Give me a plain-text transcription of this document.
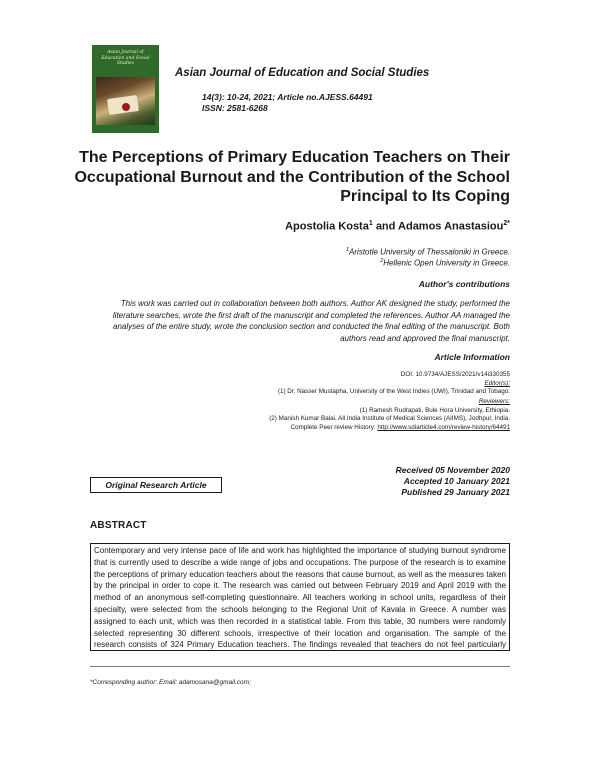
Asian Journal of Education and Social Studies
Asian Journal of Education and Social Studies
14(3): 10-24, 2021; Article no.AJESS.64491
ISSN: 2581-6268
The Perceptions of Primary Education Teachers on Their Occupational Burnout and the Contribution of the School Principal to Its Coping
Apostolia Kosta$^1$ and Adamos Anastasiou$^{2*}$
$^1$Aristotle University of Thessaloniki in Greece.
$^2$Hellenic Open University in Greece.
Author's contributions

This work was carried out in collaboration between both authors. Author AK designed the study, performed the literature searches, wrote the first draft of the manuscript and completed the references. Author AA managed the analyses of the entire study, wrote the conclusion section and conducted the final editing of the manuscript. Both authors read and approved the final manuscript.

Article Information
DOI: 10.9734/AJESS/2021/v14i330355
Editor(s):
(1) Dr. Nasser Mustapha, University of the West Indies (UWI), Trinidad and Tobago.
Reviewers:
(1) Ramesh Rudrapati, Bule Hora University, Ethiopia.
(2) Manish Kumar Balai, All India Institute of Medical Sciences (AIIMS), Jodhpur, India.
Complete Peer review History: http://www.sdiarticle4.com/review-history/64491
Received 05 November 2020
Accepted 10 January 2021
Published 29 January 2021
Original Research Article
ABSTRACT

Contemporary and very intense pace of life and work has highlighted the importance of studying burnout syndrome that is currently used to describe a wide range of jobs and occupations. The purpose of the research is to examine the perceptions of primary education teachers about the reasons that cause burnout, as well as the measures taken by the principal in order to cope it. The research was carried out between February 2019 and April 2019 with the method of an anonymous self-completing questionnaire. All teachers working in school units, regardless of their specialty, were selected from the schools belonging to the Regional Unit of Kavala in Greece. A number was assigned to each unit, which was then recorded in a statistical table. From this table, 30 numbers were randomly selected representing 30 different schools, irrespective of their location and organisation. The sample of the research consists of 324 Primary Education teachers. The findings revealed that teachers do not feel particularly

*Corresponding author: Email: adamosana@gmail.com;
